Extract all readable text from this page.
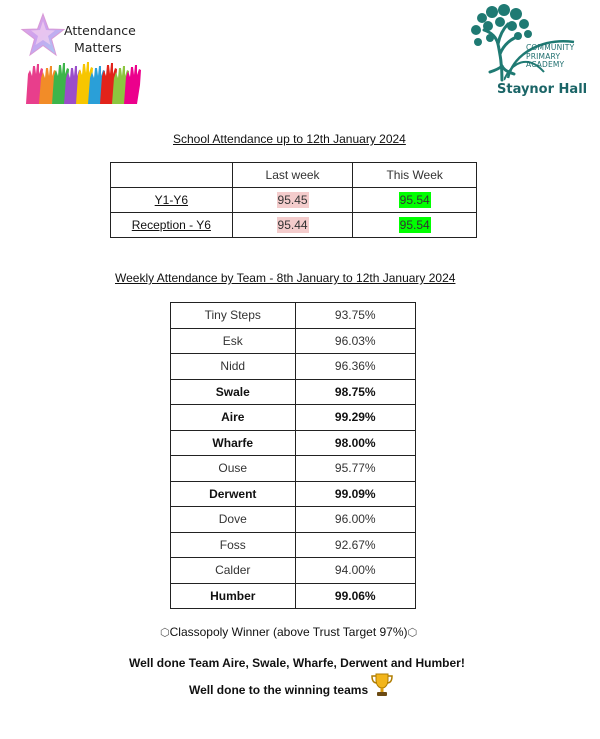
Attendance
Matters	COMMUNITY
PRIMARY
ACADEMY
Staynor Hall
School Attendance up to 12th January 2024
	Last week	This Week
Y1-Y6	95.45	95.54
Reception - Y6	95.44	95.54
Weekly Attendance by Team - 8th January to 12th January 2024
Tiny Steps	93.75%
Esk	96.03%
Nidd	96.36%
Swale	98.75%
Aire	99.29%
Wharfe	98.00%
Ouse	95.77%
Derwent	99.09%
Dove	96.00%
Foss	92.67%
Calder	94.00%
Humber	99.06%
⬡Classopoly Winner (above Trust Target 97%)⬡
Well done Team Aire, Swale, Wharfe, Derwent and Humber!
Well done to the winning teams
